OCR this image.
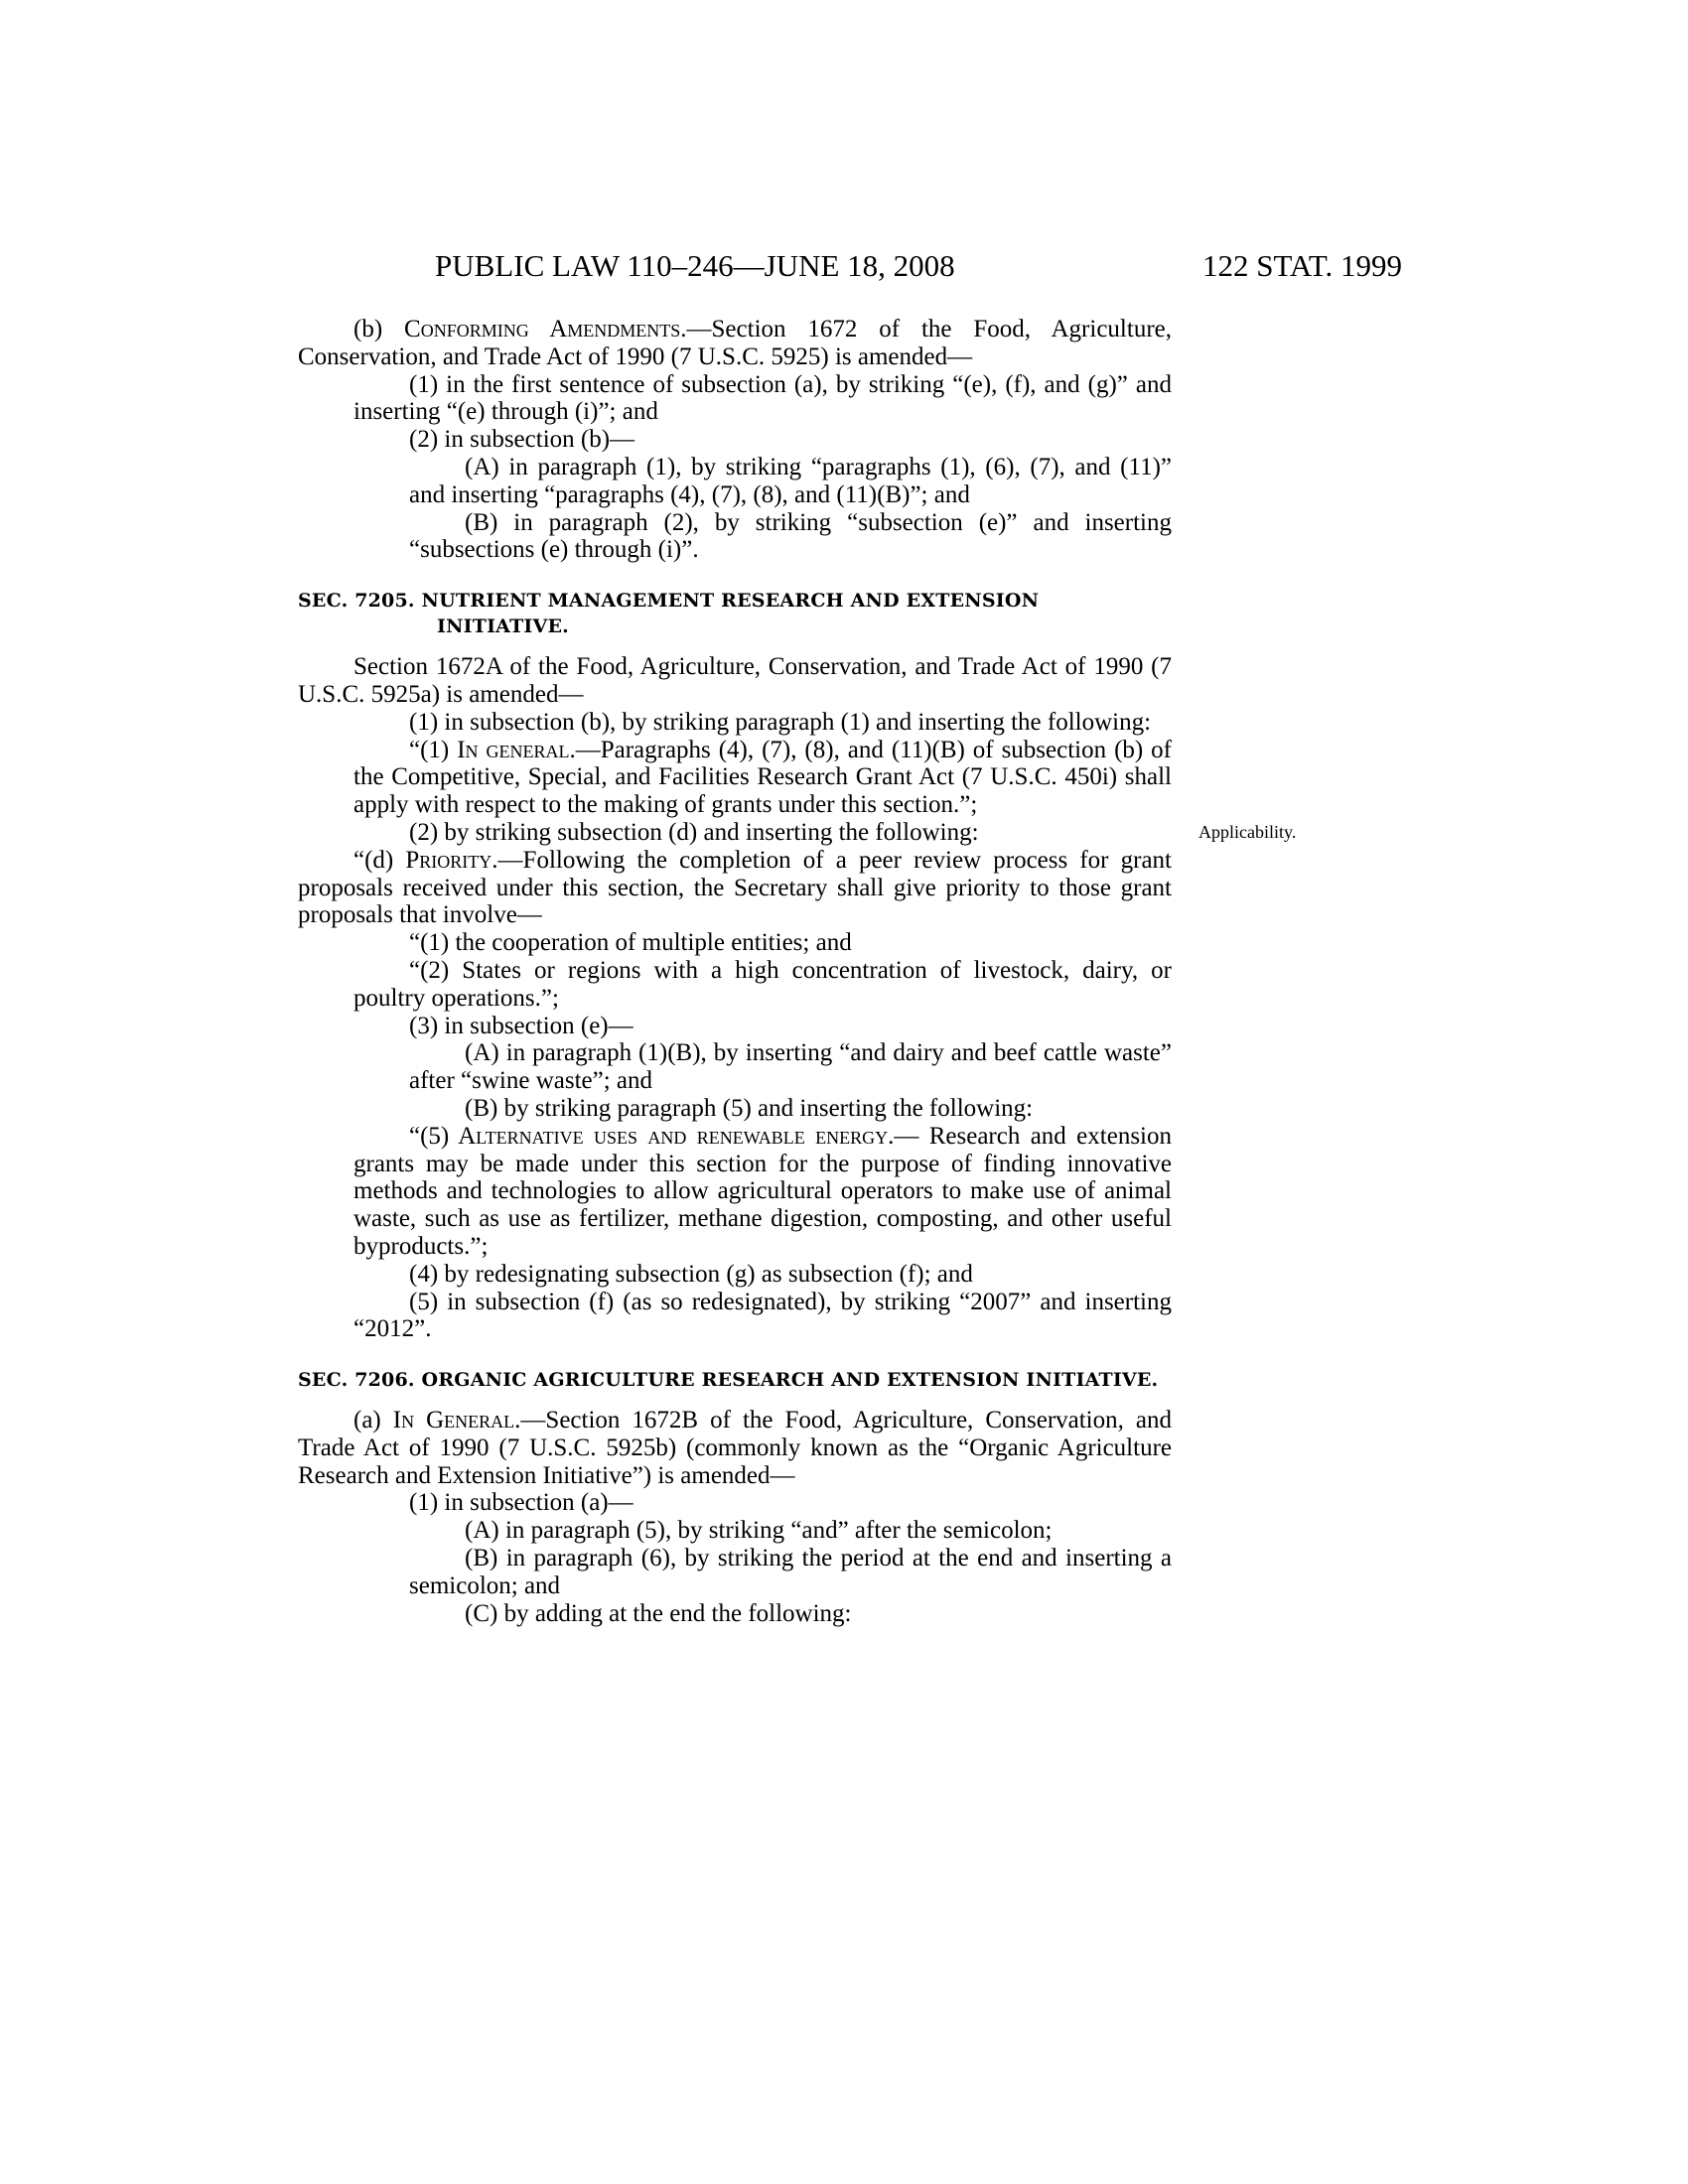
PUBLIC LAW 110–246—JUNE 18, 2008	122 STAT. 1999
Applicability.

(b) Conforming Amendments.—Section 1672 of the Food, Agriculture, Conservation, and Trade Act of 1990 (7 U.S.C. 5925) is amended—

(1) in the first sentence of subsection (a), by striking “(e), (f), and (g)” and inserting “(e) through (i)”; and

(2) in subsection (b)—

(A) in paragraph (1), by striking “paragraphs (1), (6), (7), and (11)” and inserting “paragraphs (4), (7), (8), and (11)(B)”; and

(B) in paragraph (2), by striking “subsection (e)” and inserting “subsections (e) through (i)”.

SEC. 7205. NUTRIENT MANAGEMENT RESEARCH AND EXTENSION INITIATIVE.

Section 1672A of the Food, Agriculture, Conservation, and Trade Act of 1990 (7 U.S.C. 5925a) is amended—

(1) in subsection (b), by striking paragraph (1) and inserting the following:

“(1) In general.—Paragraphs (4), (7), (8), and (11)(B) of subsection (b) of the Competitive, Special, and Facilities Research Grant Act (7 U.S.C. 450i) shall apply with respect to the making of grants under this section.”;

(2) by striking subsection (d) and inserting the following:

“(d) Priority.—Following the completion of a peer review process for grant proposals received under this section, the Secretary shall give priority to those grant proposals that involve—

“(1) the cooperation of multiple entities; and

“(2) States or regions with a high concentration of livestock, dairy, or poultry operations.”;

(3) in subsection (e)—

(A) in paragraph (1)(B), by inserting “and dairy and beef cattle waste” after “swine waste”; and

(B) by striking paragraph (5) and inserting the following:

“(5) Alternative uses and renewable energy.— Research and extension grants may be made under this section for the purpose of finding innovative methods and technologies to allow agricultural operators to make use of animal waste, such as use as fertilizer, methane digestion, composting, and other useful byproducts.”;

(4) by redesignating subsection (g) as subsection (f); and

(5) in subsection (f) (as so redesignated), by striking “2007” and inserting “2012”.

SEC. 7206. ORGANIC AGRICULTURE RESEARCH AND EXTENSION INITIATIVE.

(a) In General.—Section 1672B of the Food, Agriculture, Conservation, and Trade Act of 1990 (7 U.S.C. 5925b) (commonly known as the “Organic Agriculture Research and Extension Initiative”) is amended—

(1) in subsection (a)—

(A) in paragraph (5), by striking “and” after the semicolon;

(B) in paragraph (6), by striking the period at the end and inserting a semicolon; and

(C) by adding at the end the following:
